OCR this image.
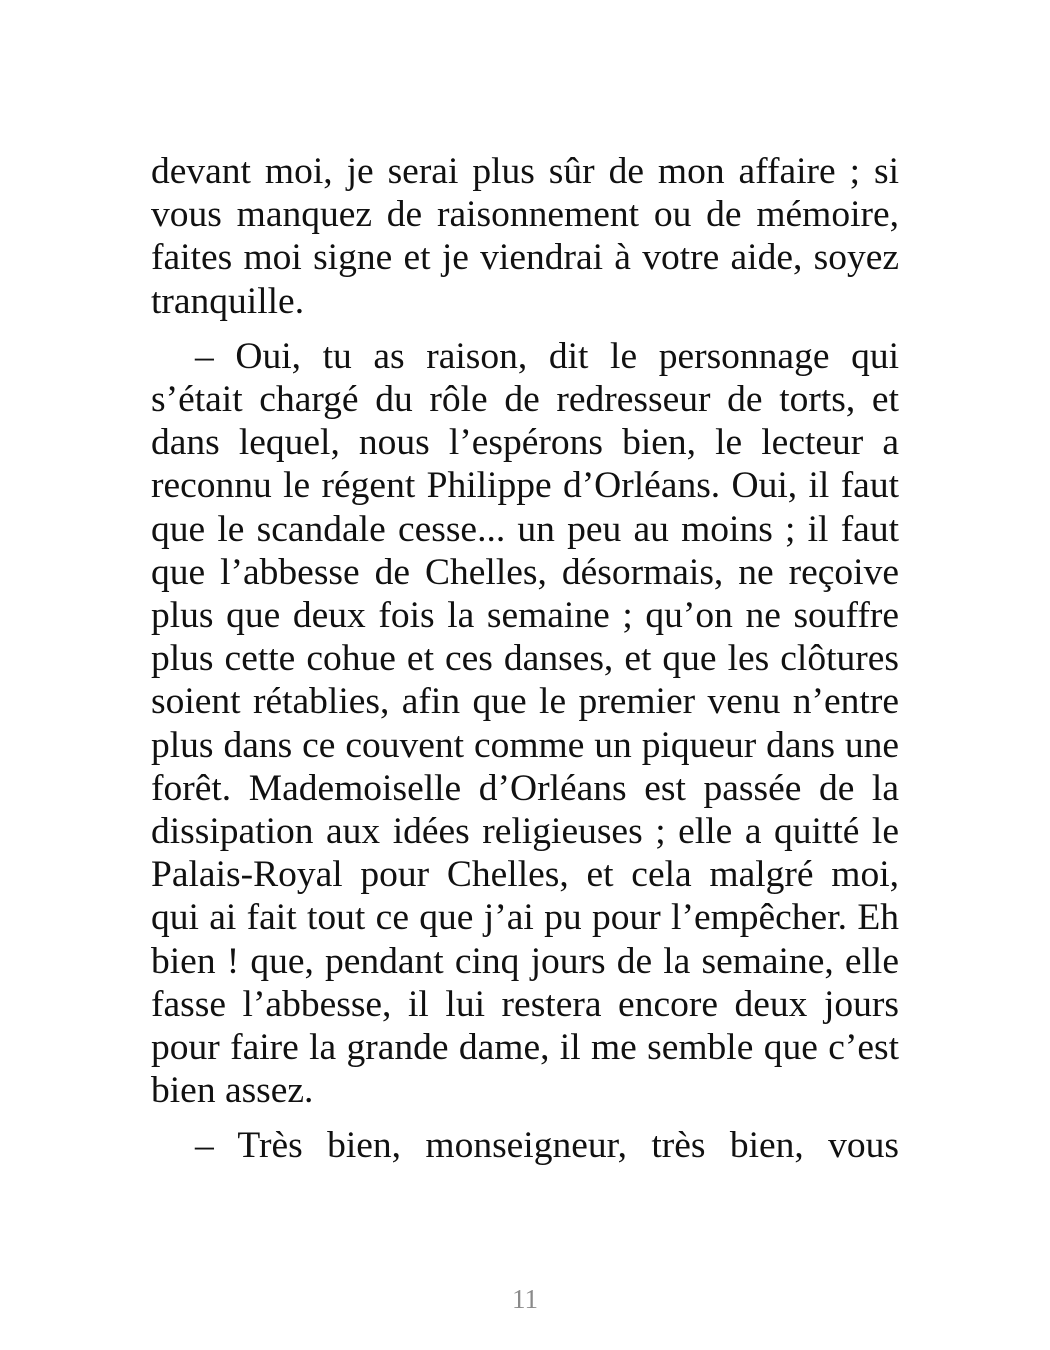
devant moi, je serai plus sûr de mon affaire ; si vous manquez de raisonnement ou de mémoire, faites moi signe et je viendrai à votre aide, soyez tranquille.

– Oui, tu as raison, dit le personnage qui s’était chargé du rôle de redresseur de torts, et dans lequel, nous l’espérons bien, le lecteur a reconnu le régent Philippe d’Orléans. Oui, il faut que le scandale cesse... un peu au moins ; il faut que l’abbesse de Chelles, désormais, ne reçoive plus que deux fois la semaine ; qu’on ne souffre plus cette cohue et ces danses, et que les clôtures soient rétablies, afin que le premier venu n’entre plus dans ce couvent comme un piqueur dans une forêt. Mademoiselle d’Orléans est passée de la dissipation aux idées religieuses ; elle a quitté le Palais-Royal pour Chelles, et cela malgré moi, qui ai fait tout ce que j’ai pu pour l’empêcher. Eh bien ! que, pendant cinq jours de la semaine, elle fasse l’abbesse, il lui restera encore deux jours pour faire la grande dame, il me semble que c’est bien assez.

– Très bien, monseigneur, très bien, vous

11
